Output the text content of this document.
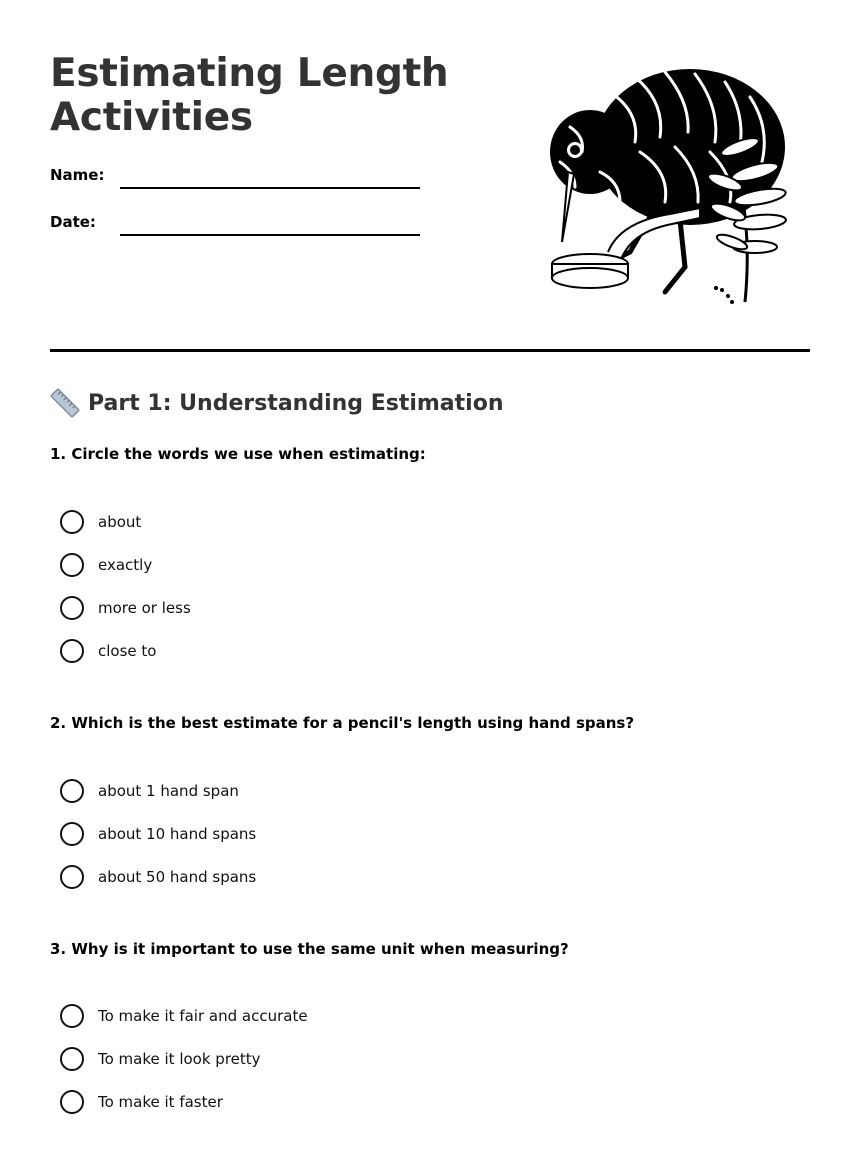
Estimating Length Activities
Name:
Date:
Part 1: Understanding Estimation
1. Circle the words we use when estimating:
about
exactly
more or less
close to
2. Which is the best estimate for a pencil's length using hand spans?
about 1 hand span
about 10 hand spans
about 50 hand spans
3. Why is it important to use the same unit when measuring?
To make it fair and accurate
To make it look pretty
To make it faster
